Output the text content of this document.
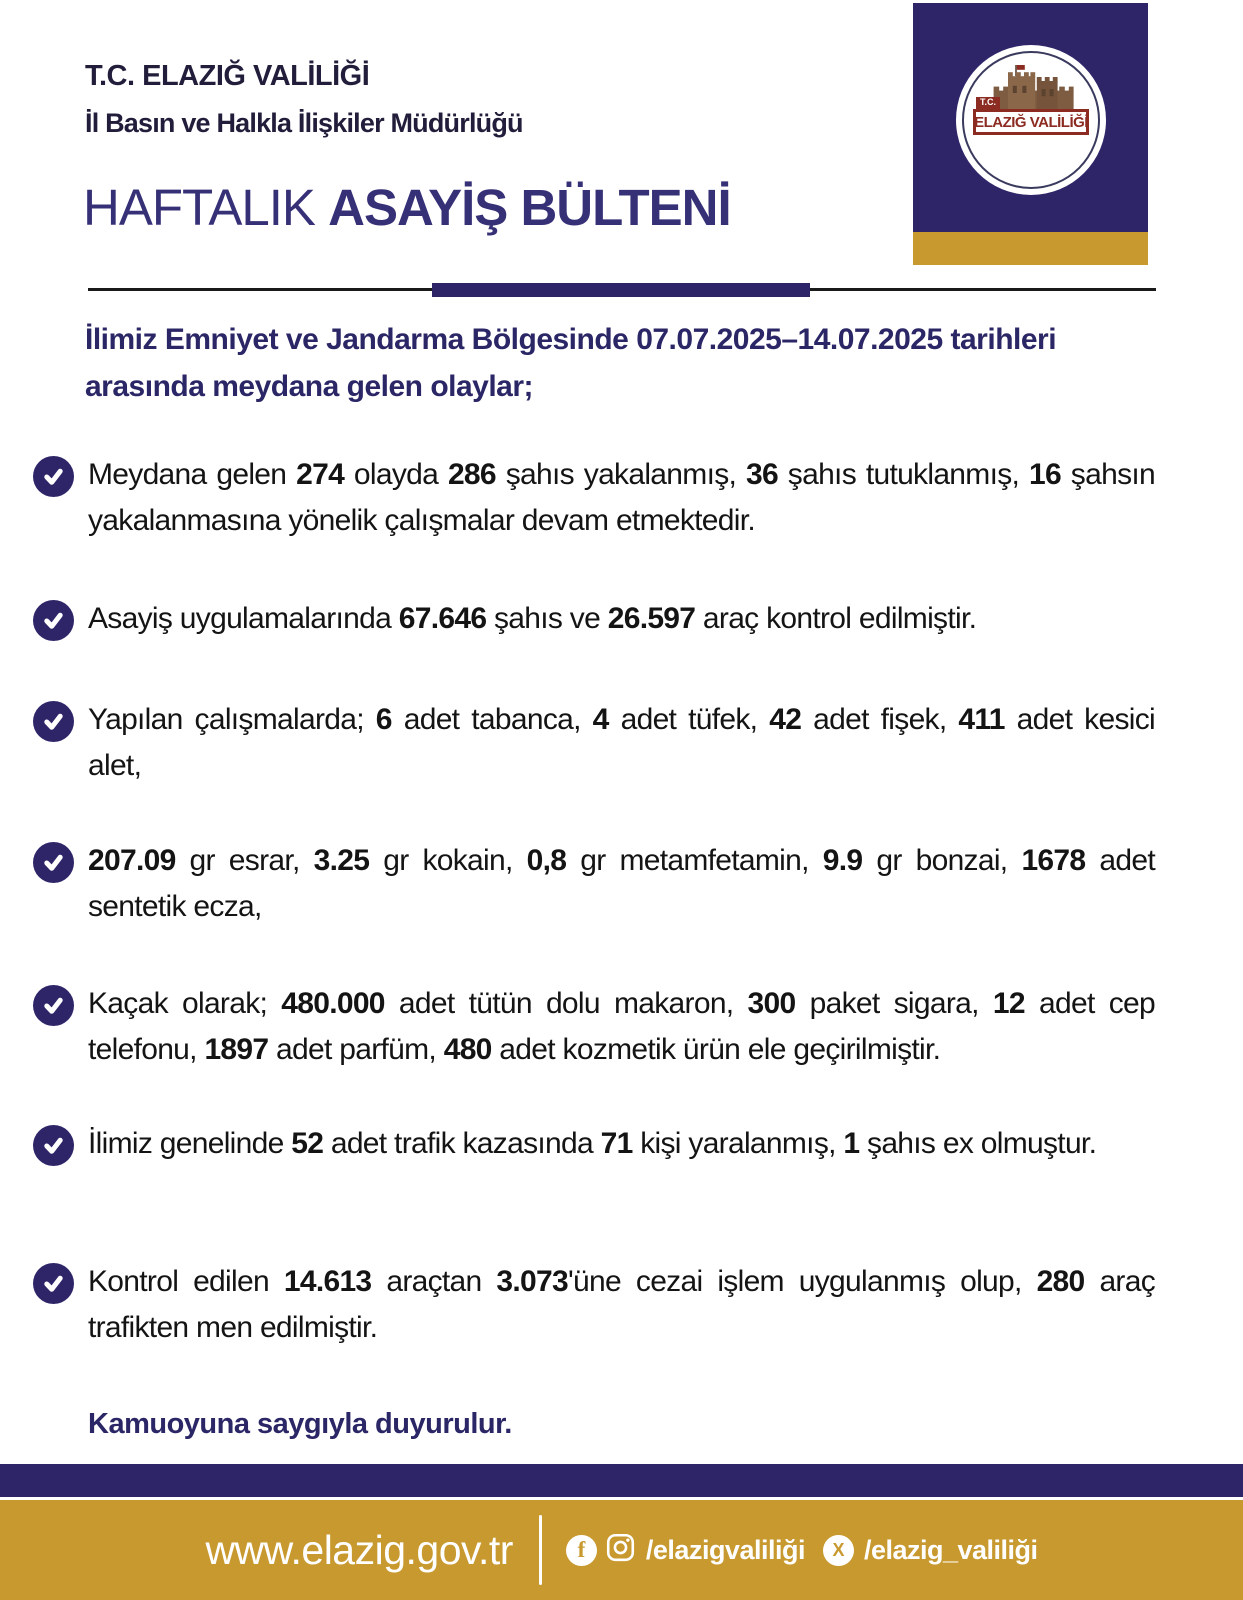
T.C. ELAZIĞ VALİLİĞİ
İl Basın ve Halkla İlişkiler Müdürlüğü
HAFTALIK ASAYİŞ BÜLTENİ
T.C.
ELAZIĞ VALİLİĞİ
İlimiz Emniyet ve Jandarma Bölgesinde 07.07.2025–14.07.2025 tarihleri arasında meydana gelen olaylar;

Meydana gelen 274 olayda 286 şahıs yakalanmış, 36 şahıs tutuklanmış, 16 şahsın yakalanmasına yönelik çalışmalar devam etmektedir.

Asayiş uygulamalarında 67.646 şahıs ve 26.597 araç kontrol edilmiştir.

Yapılan çalışmalarda; 6 adet tabanca, 4 adet tüfek, 42 adet fişek, 411 adet kesici alet,

207.09 gr esrar, 3.25 gr kokain, 0,8 gr metamfetamin, 9.9 gr bonzai, 1678 adet sentetik ecza,

Kaçak olarak; 480.000 adet tütün dolu makaron, 300 paket sigara, 12 adet cep telefonu, 1897 adet parfüm, 480 adet kozmetik ürün ele geçirilmiştir.

İlimiz genelinde 52 adet trafik kazasında 71 kişi yaralanmış, 1 şahıs ex olmuştur.

Kontrol edilen 14.613 araçtan 3.073'üne cezai işlem uygulanmış olup, 280 araç trafikten men edilmiştir.

Kamuoyuna saygıyla duyurulur.
www.elazig.gov.tr	f	/elazigvaliliği	X /elazig_valiliği
